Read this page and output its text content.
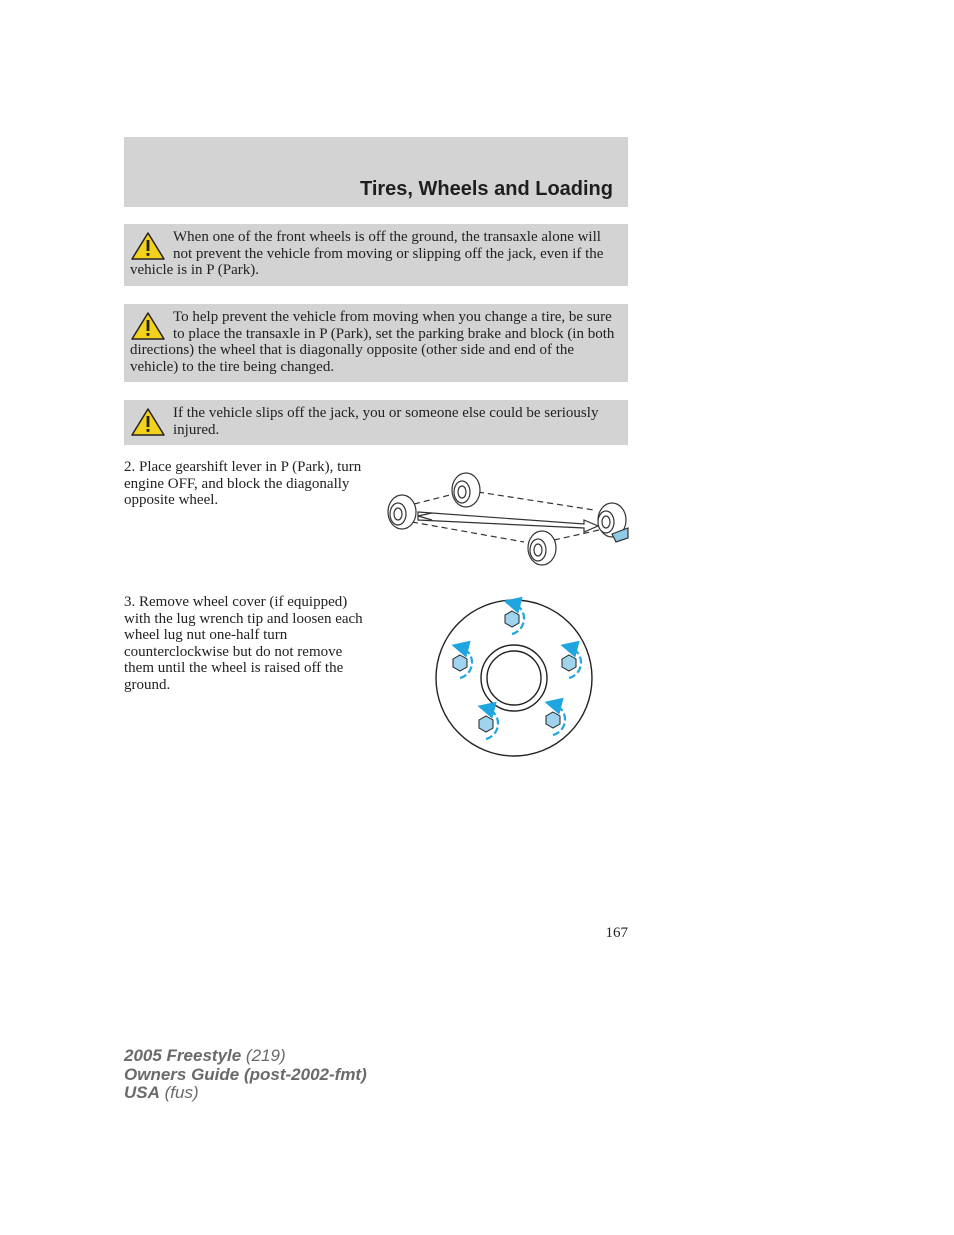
Tires, Wheels and Loading

When one of the front wheels is off the ground, the transaxle alone will not prevent the vehicle from moving or slipping off the jack, even if the vehicle is in P (Park).

To help prevent the vehicle from moving when you change a tire, be sure to place the transaxle in P (Park), set the parking brake and block (in both directions) the wheel that is diagonally opposite (other side and end of the vehicle) to the tire being changed.

If the vehicle slips off the jack, you or someone else could be seriously injured.

2. Place gearshift lever in P (Park), turn engine OFF, and block the diagonally opposite wheel.

3. Remove wheel cover (if equipped) with the lug wrench tip and loosen each wheel lug nut one-half turn counterclockwise but do not remove them until the wheel is raised off the ground.

167
2005 Freestyle (219)
Owners Guide (post-2002-fmt)
USA (fus)
